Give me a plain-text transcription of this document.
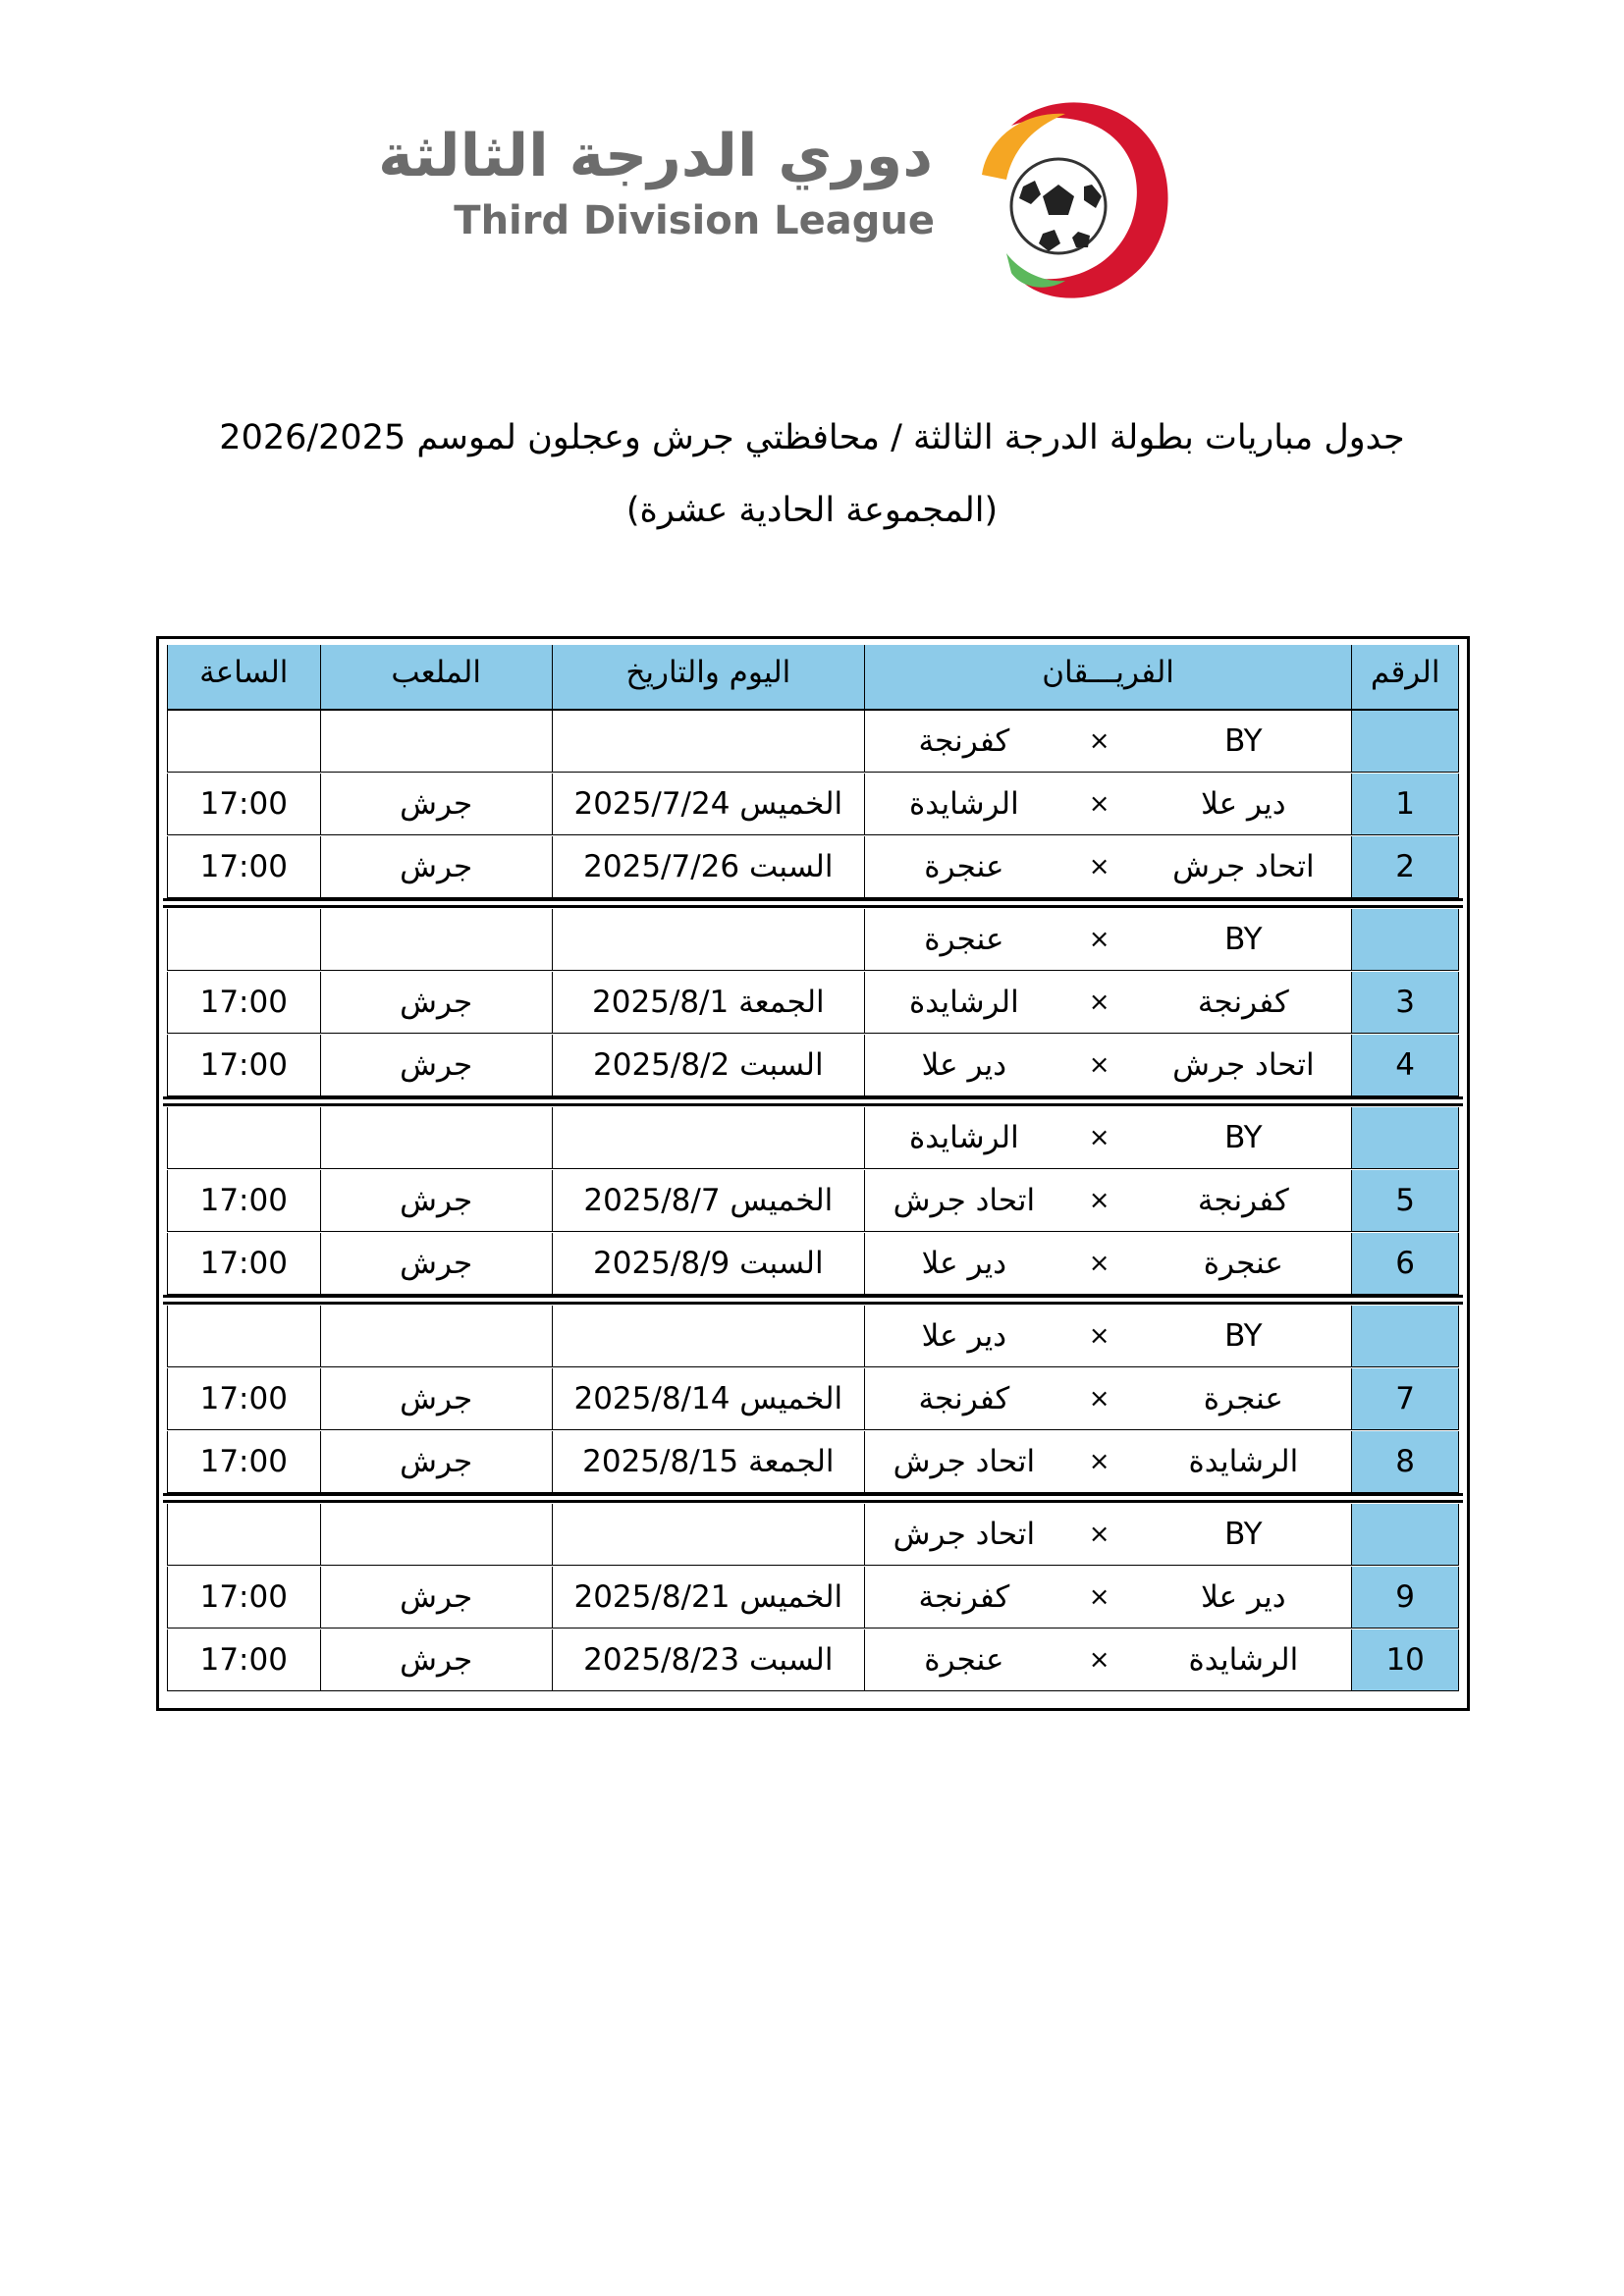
دوري الدرجة الثالثة
Third Division League
جدول مباريات بطولة الدرجة الثالثة / محافظتي جرش وعجلون لموسم 2026/2025
(المجموعة الحادية عشرة)
الرقم
الفريـــقان
اليوم والتاريخ
الملعب
الساعة
BY
×
كفرنجة
1
دير علا
×
الرشايدة
الخميس 2025/7/24
جرش
17:00
2
اتحاد جرش
×
عنجرة
السبت 2025/7/26
جرش
17:00
BY
×
عنجرة
3
كفرنجة
×
الرشايدة
الجمعة 2025/8/1
جرش
17:00
4
اتحاد جرش
×
دير علا
السبت 2025/8/2
جرش
17:00
BY
×
الرشايدة
5
كفرنجة
×
اتحاد جرش
الخميس 2025/8/7
جرش
17:00
6
عنجرة
×
دير علا
السبت 2025/8/9
جرش
17:00
BY
×
دير علا
7
عنجرة
×
كفرنجة
الخميس 2025/8/14
جرش
17:00
8
الرشايدة
×
اتحاد جرش
الجمعة 2025/8/15
جرش
17:00
BY
×
اتحاد جرش
9
دير علا
×
كفرنجة
الخميس 2025/8/21
جرش
17:00
10
الرشايدة
×
عنجرة
السبت 2025/8/23
جرش
17:00
